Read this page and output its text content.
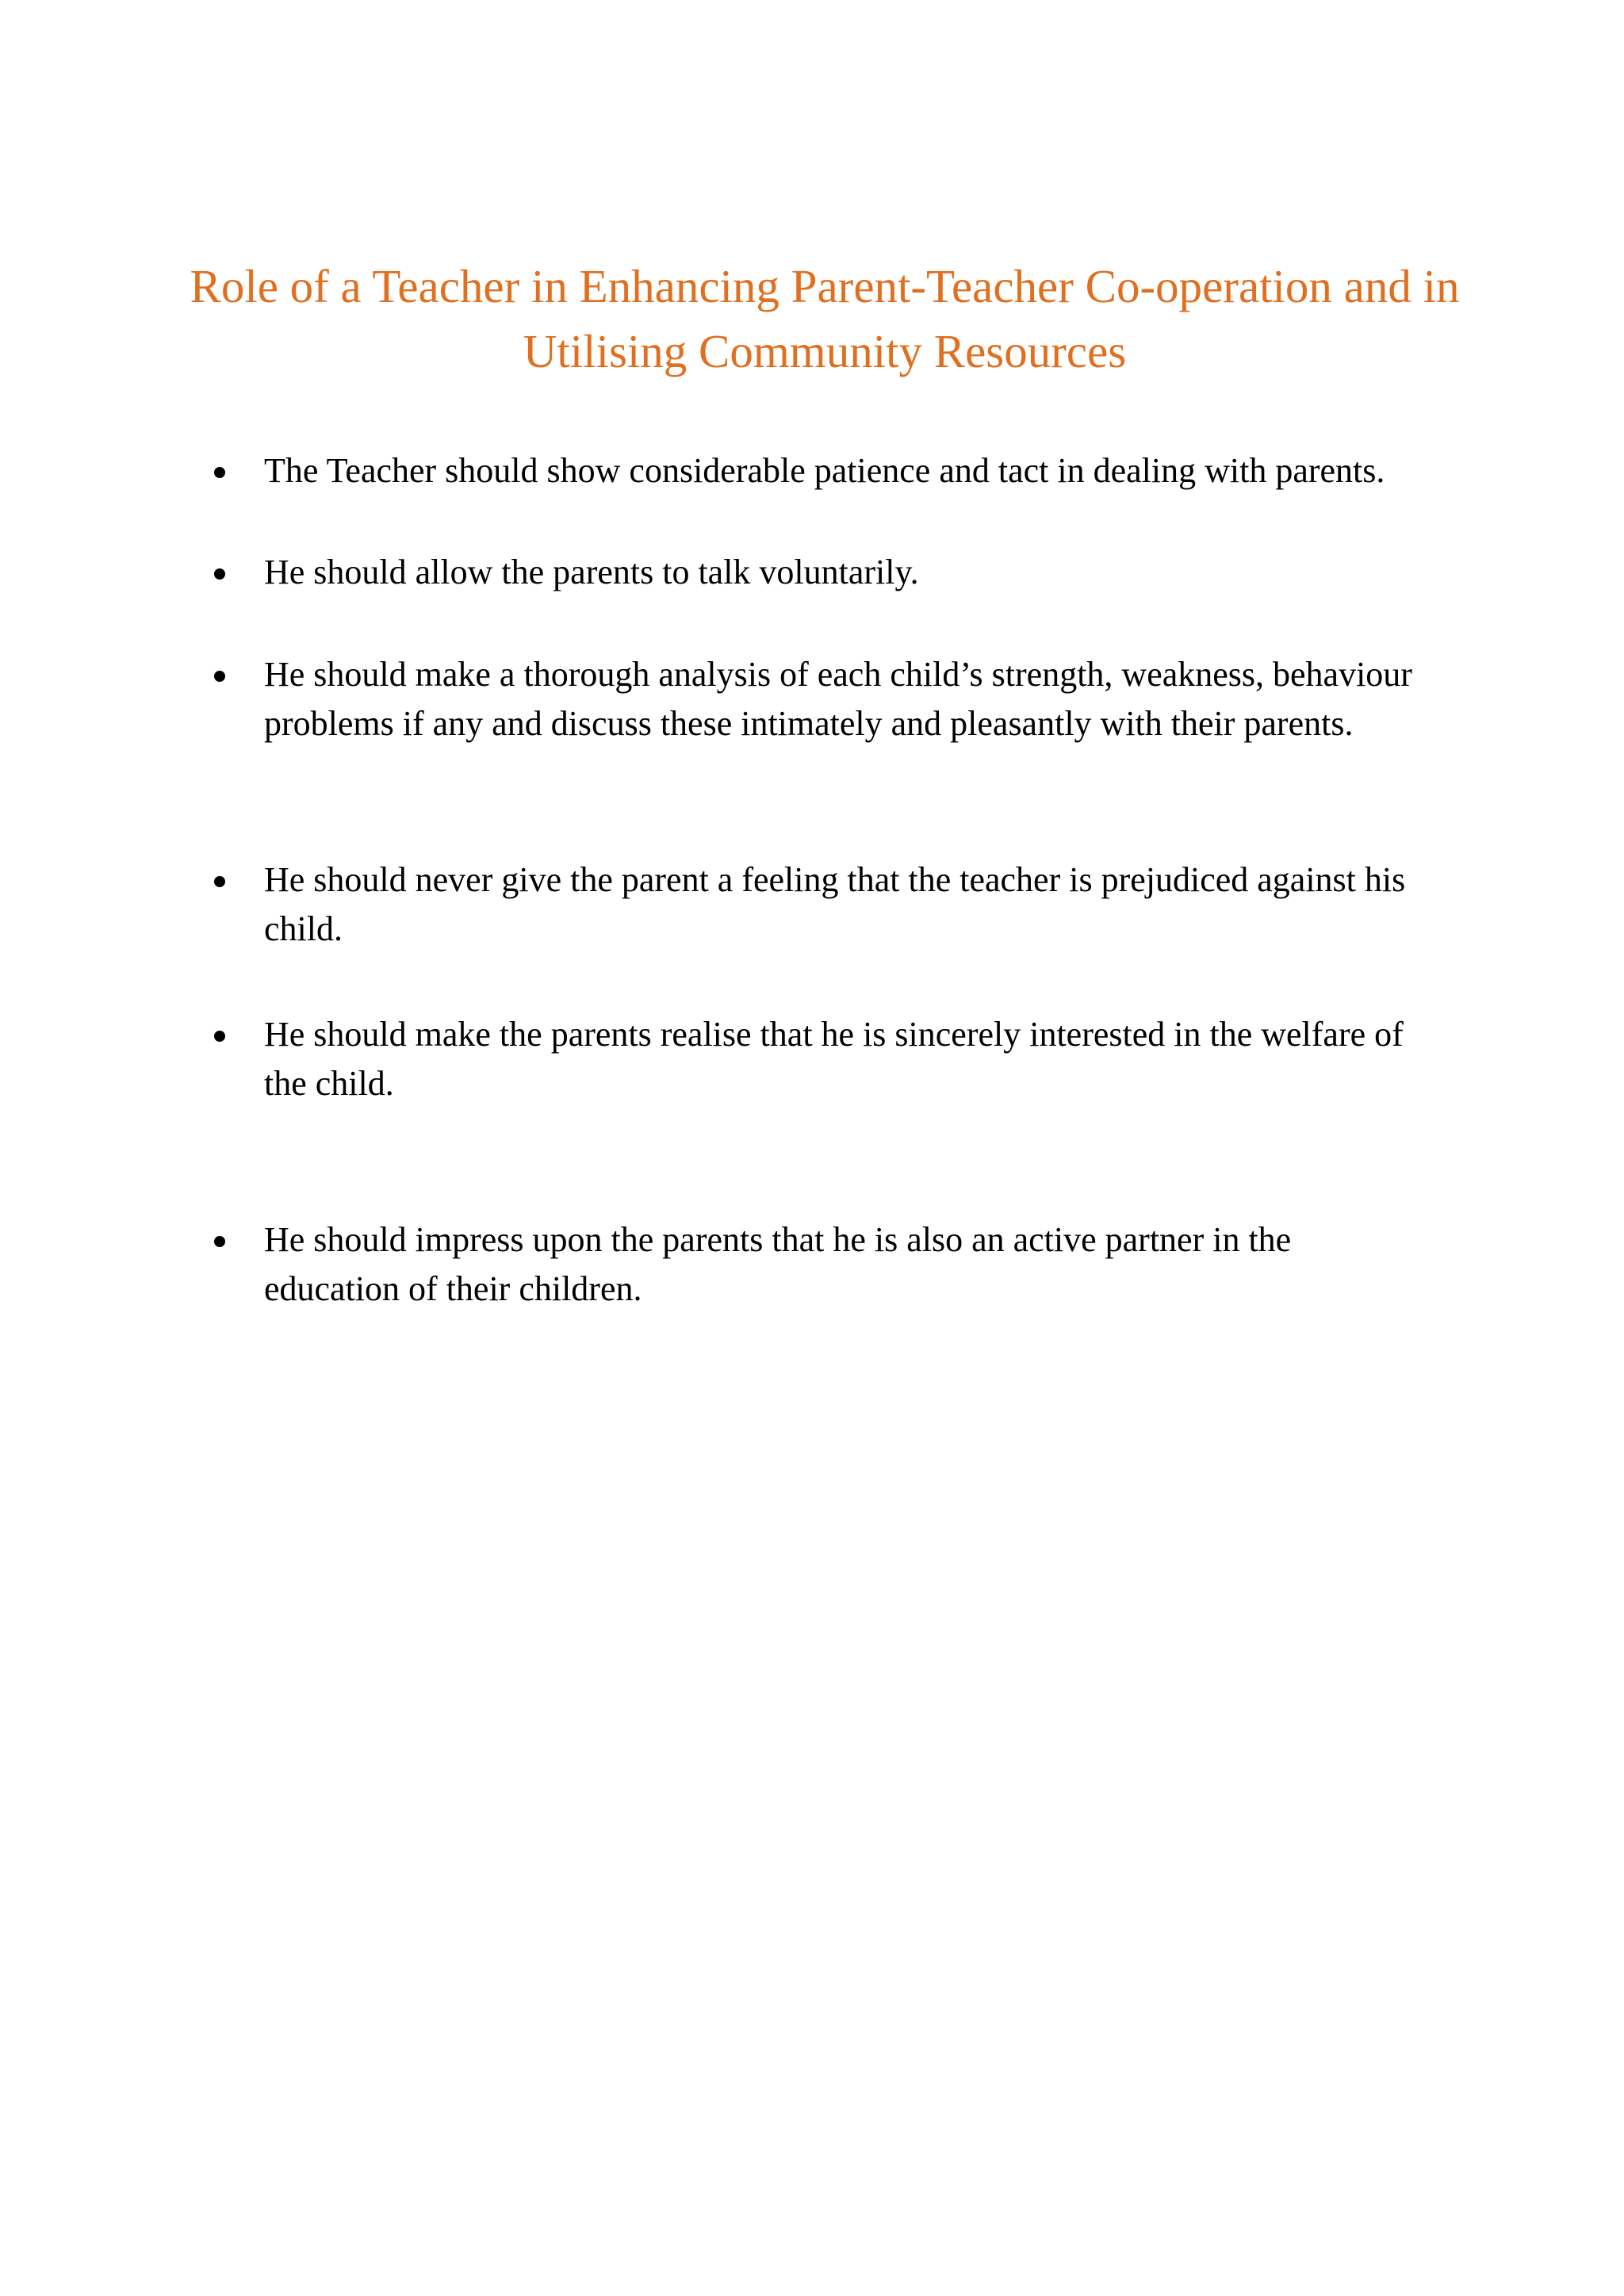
Role of a Teacher in Enhancing Parent-Teacher Co-operation and in
Utilising Community Resources
The Teacher should show considerable patience and tact in dealing with parents.
He should allow the parents to talk voluntarily.
He should make a thorough analysis of each child’s strength, weakness, behaviour
problems if any and discuss these intimately and pleasantly with their parents.
He should never give the parent a feeling that the teacher is prejudiced against his
child.
He should make the parents realise that he is sincerely interested in the welfare of
the child.
He should impress upon the parents that he is also an active partner in the
education of their children.
